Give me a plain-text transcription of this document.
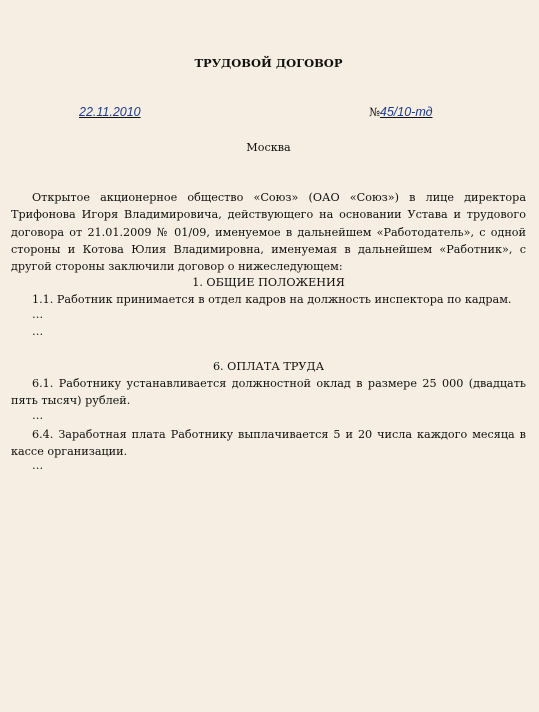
ТРУДОВОЙ ДОГОВОР
22.11.2010	№45/10-тд
Москва

Открытое акционерное общество «Союз» (ОАО «Союз») в лице директора Трифонова Игоря Владимировича, действующего на основании Устава и трудового договора от 21.01.2009 № 01/09, именуемое в дальнейшем «Работодатель», с одной стороны и Котова Юлия Владимировна, именуемая в дальнейшем «Работник», с другой стороны заключили договор о нижеследующем:

1. ОБЩИЕ ПОЛОЖЕНИЯ

1.1. Работник принимается в отдел кадров на должность инспектора по кадрам.

…
…
6. ОПЛАТА ТРУДА

6.1. Работнику устанавливается должностной оклад в размере 25 000 (двадцать пять тысяч) рублей.

…

6.4. Заработная плата Работнику выплачивается 5 и 20 числа каждого месяца в кассе организации.

…
